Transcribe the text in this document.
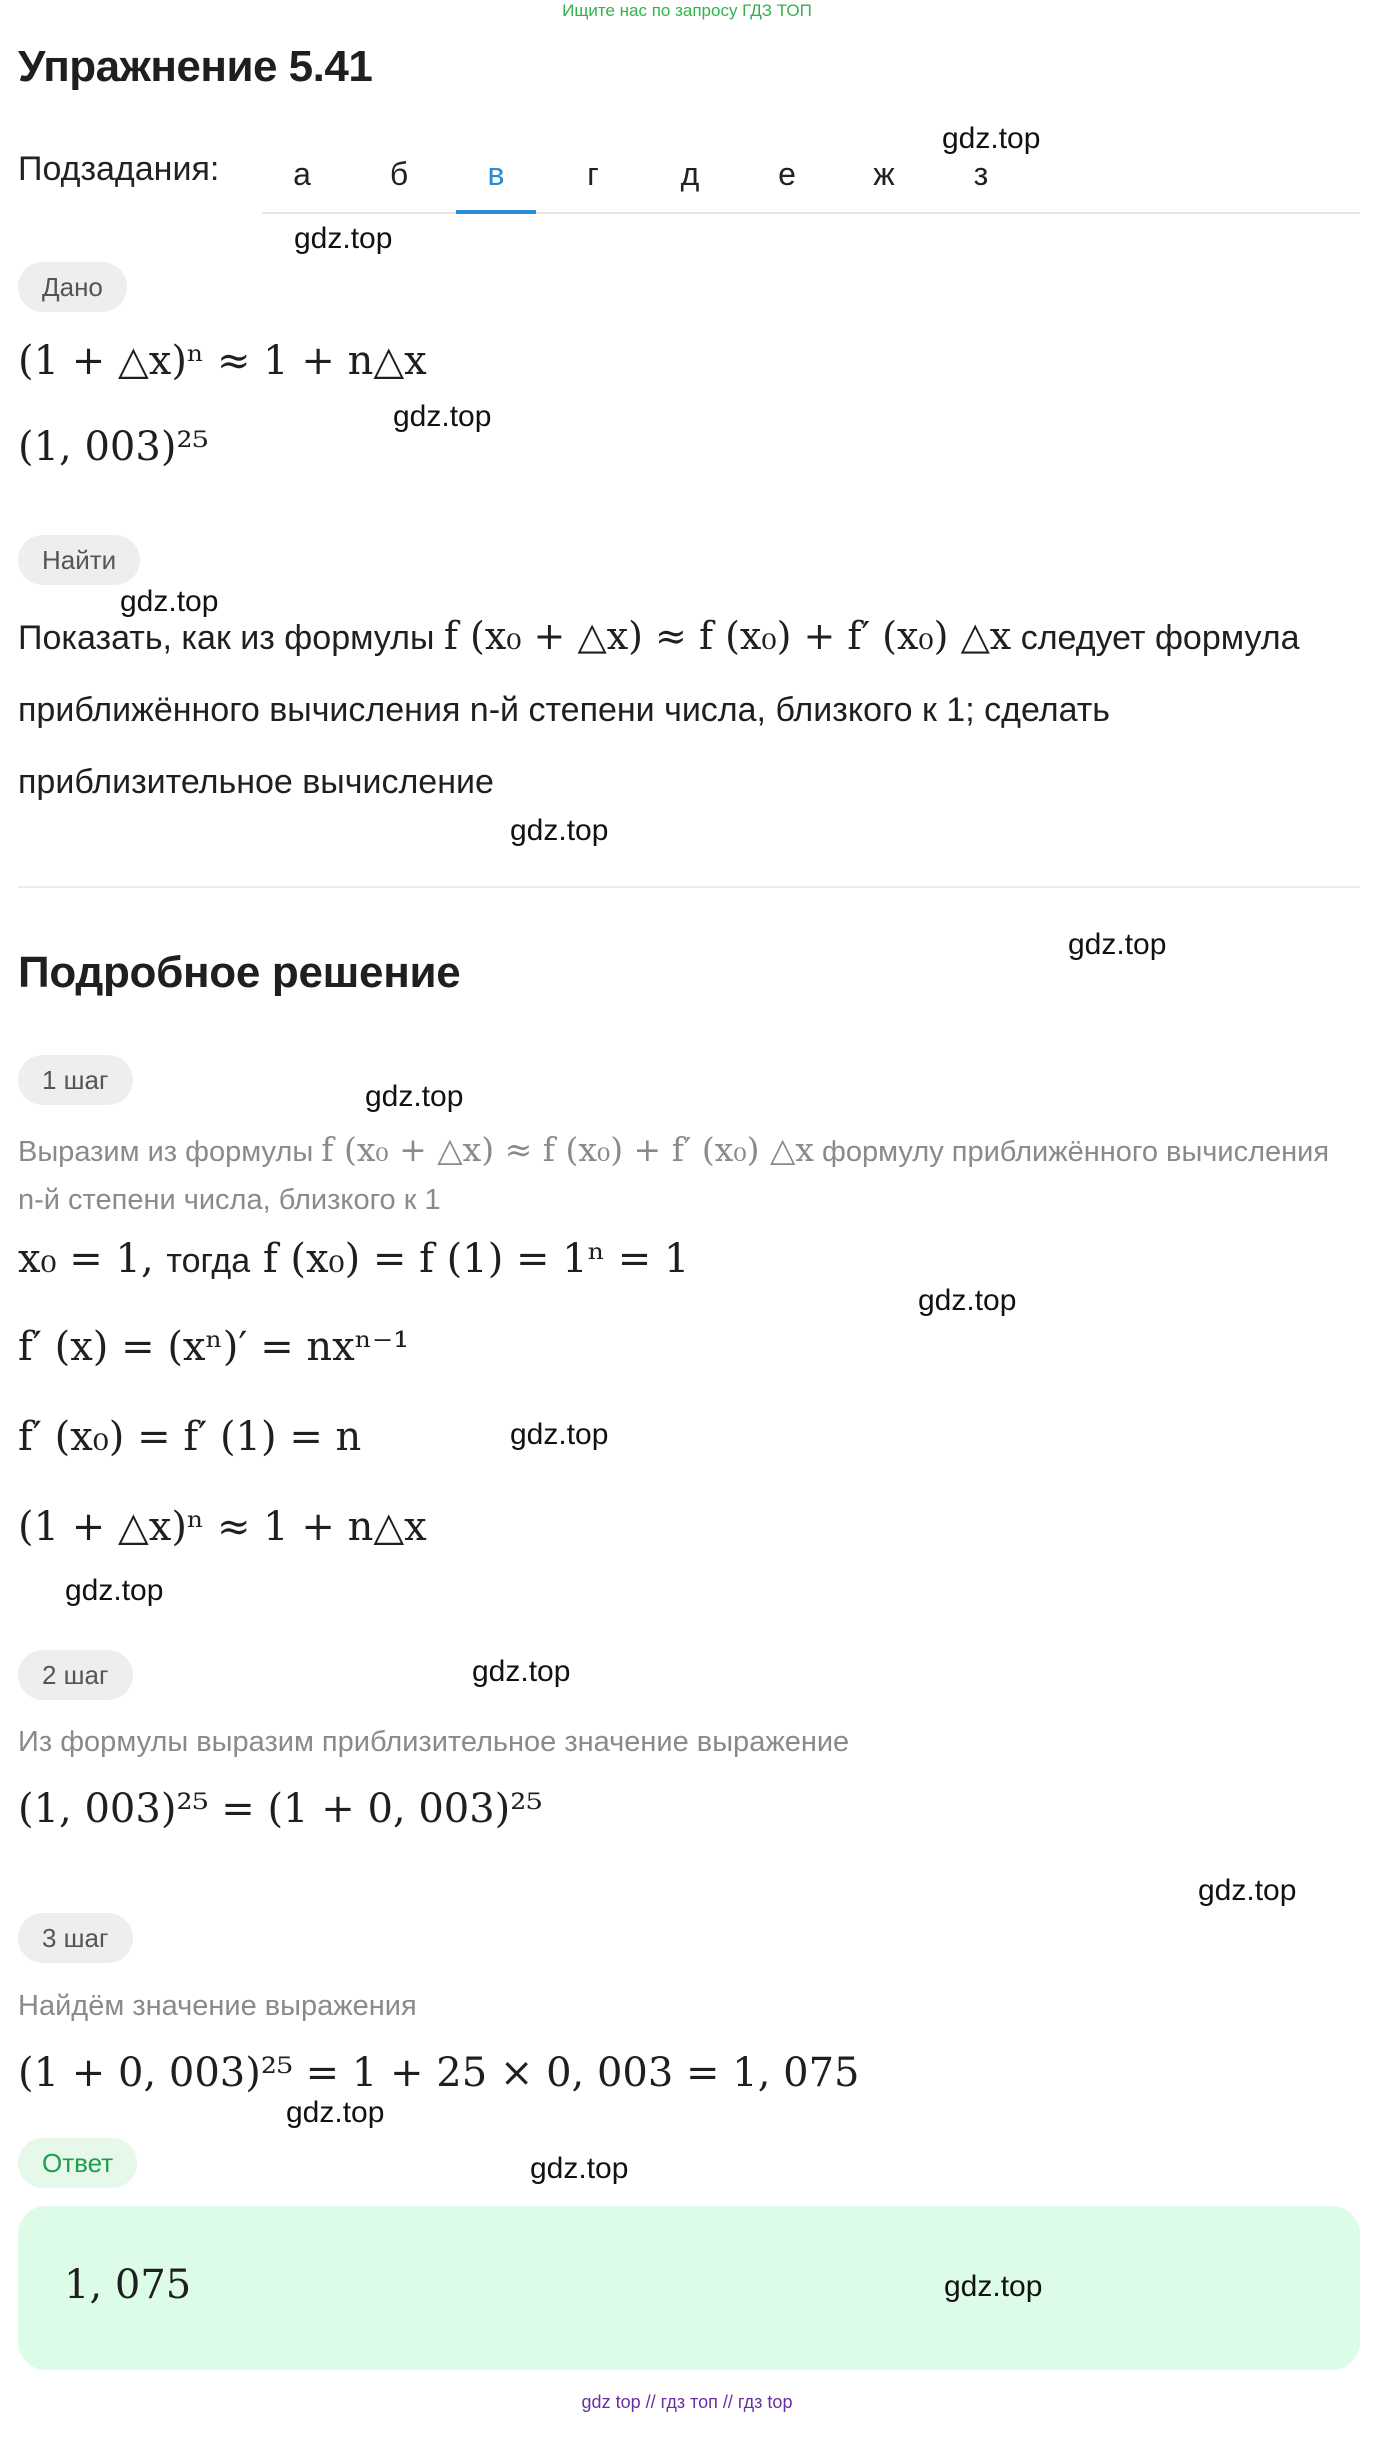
Ищите нас по запросу ГДЗ ТОП
Упражнение 5.41
Подзадания:	а	б	в	г	д	е	ж	з
Дано
(1 + △x)ⁿ ≈ 1 + n△x
(1, 003)²⁵
Найти
Показать, как из формулы f (x₀ + △x) ≈ f (x₀) + f′ (x₀) △x следует формула приближённого вычисления n-й степени числа, близкого к 1; сделать приблизительное вычисление
Подробное решение
1 шаг
Выразим из формулы f (x₀ + △x) ≈ f (x₀) + f′ (x₀) △x формулу приближённого вычисления n-й степени числа, близкого к 1
x₀ = 1, тогда f (x₀) = f (1) = 1ⁿ = 1
f′ (x) = (xⁿ)′ = nxⁿ⁻¹
f′ (x₀) = f′ (1) = n
(1 + △x)ⁿ ≈ 1 + n△x
2 шаг
Из формулы выразим приблизительное значение выражение
(1, 003)²⁵ = (1 + 0, 003)²⁵
3 шаг
Найдём значение выражения
(1 + 0, 003)²⁵ = 1 + 25 × 0, 003 = 1, 075
Ответ
1, 075
gdz.top
gdz.top
gdz.top
gdz.top
gdz.top
gdz.top
gdz.top
gdz.top
gdz.top
gdz.top
gdz.top
gdz.top
gdz.top
gdz.top
gdz.top
gdz top // гдз топ // гдз top
